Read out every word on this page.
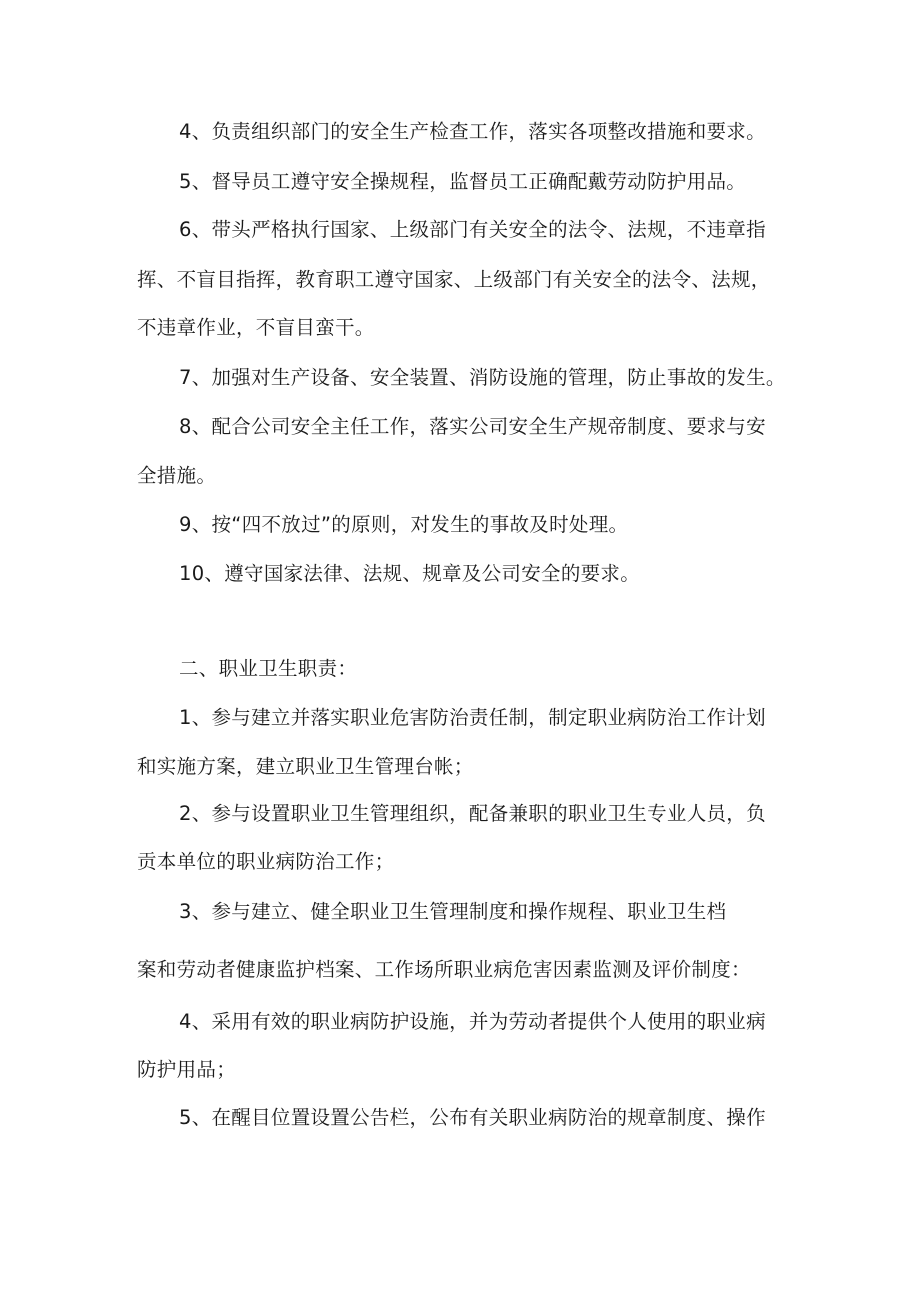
4、负责组织部门的安全生产检查工作，落实各项整改措施和要求。
5、督导员工遵守安全操规程，监督员工正确配戴劳动防护用品。
6、带头严格执行国家、上级部门有关安全的法令、法规，不违章指
挥、不盲目指挥，教育职工遵守国家、上级部门有关安全的法令、法规，
不违章作业，不盲目蛮干。
7、加强对生产设备、安全装置、消防设施的管理，防止事故的发生。
8、配合公司安全主任工作，落实公司安全生产规帝制度、要求与安
全措施。
9、按“四不放过”的原则，对发生的事故及时处理。
10、遵守国家法律、法规、规章及公司安全的要求。
二、职业卫生职责：
1、参与建立并落实职业危害防治责任制，制定职业病防治工作计划
和实施方案，建立职业卫生管理台帐；
2、参与设置职业卫生管理组织，配备兼职的职业卫生专业人员，负
贡本单位的职业病防治工作；
3、参与建立、健全职业卫生管理制度和操作规程、职业卫生档
案和劳动者健康监护档案、工作场所职业病危害因素监测及评价制度：
4、采用有效的职业病防护设施，并为劳动者提供个人使用的职业病
防护用品；
5、在醒目位置设置公告栏，公布有关职业病防治的规章制度、操作
